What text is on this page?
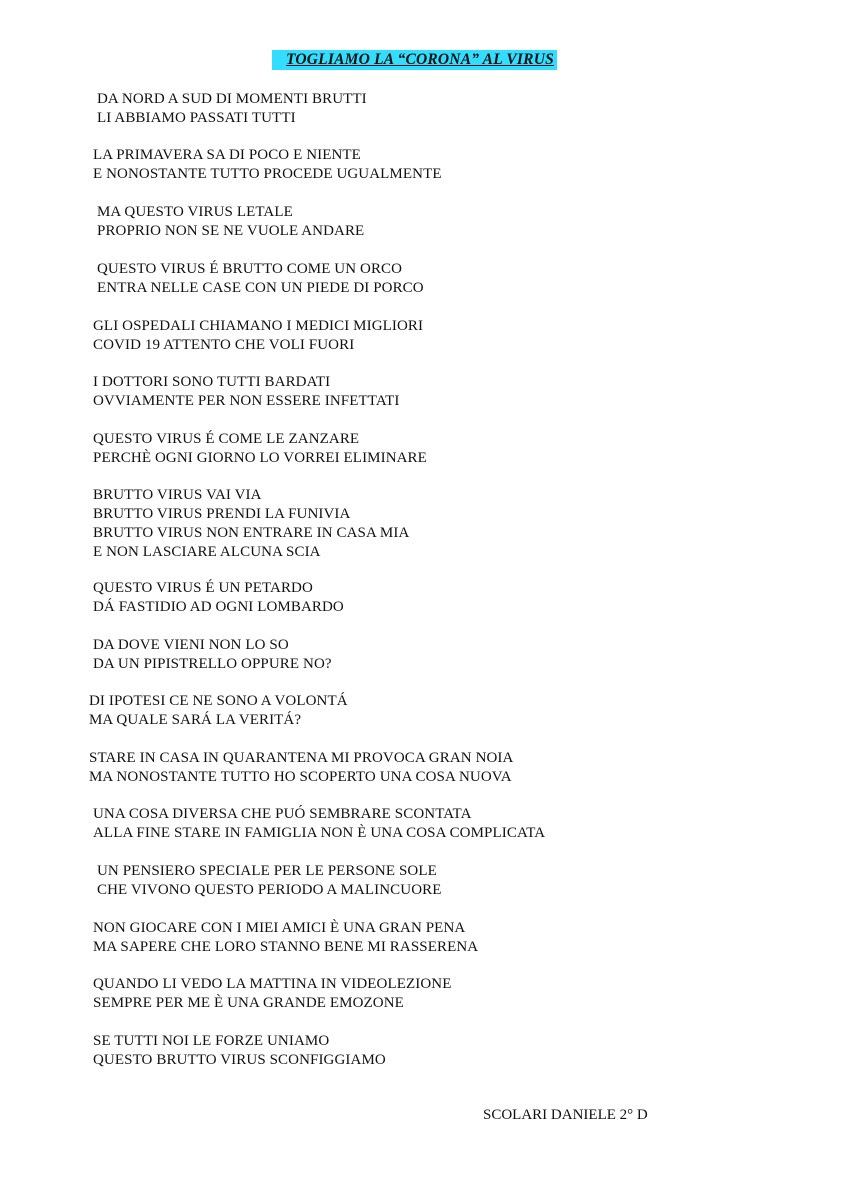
TOGLIAMO LA “CORONA” AL VIRUS
DA NORD A SUD DI MOMENTI BRUTTI
LI ABBIAMO PASSATI TUTTI
LA PRIMAVERA SA DI POCO E NIENTE
E NONOSTANTE TUTTO PROCEDE UGUALMENTE
MA QUESTO VIRUS LETALE
PROPRIO NON SE NE VUOLE ANDARE
QUESTO VIRUS É BRUTTO COME UN ORCO
ENTRA NELLE CASE CON UN PIEDE DI PORCO
GLI OSPEDALI CHIAMANO I MEDICI MIGLIORI
COVID 19 ATTENTO CHE VOLI FUORI
I DOTTORI SONO TUTTI BARDATI
OVVIAMENTE PER NON ESSERE INFETTATI
QUESTO VIRUS É COME LE ZANZARE
PERCHÈ OGNI GIORNO LO VORREI ELIMINARE
BRUTTO VIRUS VAI VIA
BRUTTO VIRUS PRENDI LA FUNIVIA
BRUTTO VIRUS NON ENTRARE IN CASA MIA
E NON LASCIARE ALCUNA SCIA
QUESTO VIRUS É UN PETARDO
DÁ FASTIDIO AD OGNI LOMBARDO
DA DOVE VIENI NON LO SO
DA UN PIPISTRELLO OPPURE NO?
DI IPOTESI CE NE SONO A VOLONTÁ
MA QUALE SARÁ LA VERITÁ?
STARE IN CASA IN QUARANTENA MI PROVOCA GRAN NOIA
MA NONOSTANTE TUTTO HO SCOPERTO UNA COSA NUOVA
UNA COSA DIVERSA CHE PUÓ SEMBRARE SCONTATA
ALLA FINE STARE IN FAMIGLIA NON È UNA COSA COMPLICATA
UN PENSIERO SPECIALE PER LE PERSONE SOLE
CHE VIVONO QUESTO PERIODO A MALINCUORE
NON GIOCARE CON I MIEI AMICI È UNA GRAN PENA
MA SAPERE CHE LORO STANNO BENE MI RASSERENA
QUANDO LI VEDO LA MATTINA IN VIDEOLEZIONE
SEMPRE PER ME È UNA GRANDE EMOZONE
SE TUTTI NOI LE FORZE UNIAMO
QUESTO BRUTTO VIRUS SCONFIGGIAMO
SCOLARI DANIELE 2° D
